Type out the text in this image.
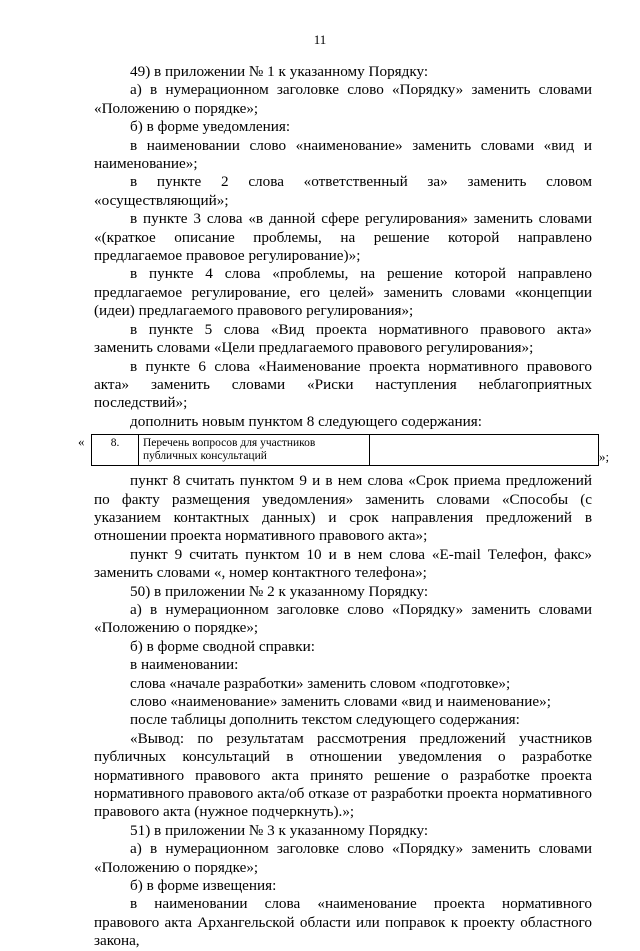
11

49) в приложении № 1 к указанному Порядку:

а) в нумерационном заголовке слово «Порядку» заменить словами «Положению о порядке»;

б) в форме уведомления:

в наименовании слово «наименование» заменить словами «вид и наименование»;

в пункте 2 слова «ответственный за» заменить словом «осуществляющий»;

в пункте 3 слова «в данной сфере регулирования» заменить словами «(краткое описание проблемы, на решение которой направлено предлагаемое правовое регулирование)»;

в пункте 4 слова «проблемы, на решение которой направлено предлагаемое регулирование, его целей» заменить словами «концепции (идеи) предлагаемого правового регулирования»;

в пункте 5 слова «Вид проекта нормативного правового акта» заменить словами «Цели предлагаемого правового регулирования»;

в пункте 6 слова «Наименование проекта нормативного правового акта» заменить словами «Риски наступления неблагоприятных последствий»;

дополнить новым пунктом 8 следующего содержания:

« 8.	Перечень вопросов для участников публичных консультаций		»;

пункт 8 считать пунктом 9 и в нем слова «Срок приема предложений по факту размещения уведомления» заменить словами «Способы (с указанием контактных данных) и срок направления предложений в отношении проекта нормативного правового акта»;

пункт 9 считать пунктом 10 и в нем слова «E-mail Телефон, факс» заменить словами «, номер контактного телефона»;

50) в приложении № 2 к указанному Порядку:

а) в нумерационном заголовке слово «Порядку» заменить словами «Положению о порядке»;

б) в форме сводной справки:

в наименовании:

слова «начале разработки» заменить словом «подготовке»;

слово «наименование» заменить словами «вид и наименование»;

после таблицы дополнить текстом следующего содержания:

«Вывод: по результатам рассмотрения предложений участников публичных консультаций в отношении уведомления о разработке нормативного правового акта принято решение о разработке проекта нормативного правового акта/об отказе от разработки проекта нормативного правового акта (нужное подчеркнуть).»;

51) в приложении № 3 к указанному Порядку:

а) в нумерационном заголовке слово «Порядку» заменить словами «Положению о порядке»;

б) в форме извещения:

в наименовании слова «наименование проекта нормативного правового акта Архангельской области или поправок к проекту областного закона,
